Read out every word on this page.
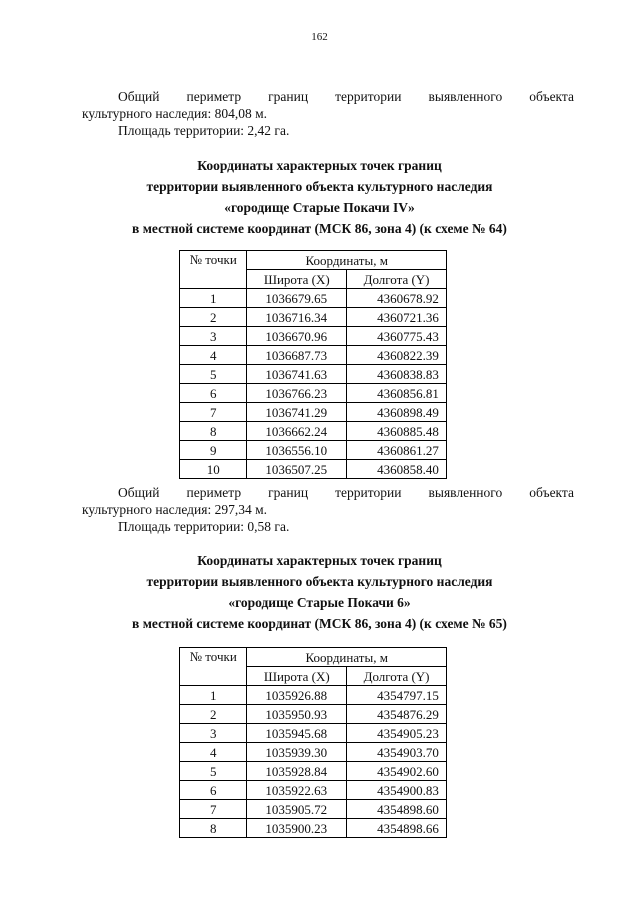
162
Общий периметр границ территории выявленного объекта
культурного наследия: 804,08 м.
Площадь территории: 2,42 га.
Координаты характерных точек границ
территории выявленного объекта культурного наследия
«городище Старые Покачи IV»
в местной системе координат (МСК 86, зона 4) (к схеме № 64)
№ точки	Координаты, м	
	Широта (X)	Долгота (Y)
1	1036679.65	4360678.92
2	1036716.34	4360721.36
3	1036670.96	4360775.43
4	1036687.73	4360822.39
5	1036741.63	4360838.83
6	1036766.23	4360856.81
7	1036741.29	4360898.49
8	1036662.24	4360885.48
9	1036556.10	4360861.27
10	1036507.25	4360858.40
Общий периметр границ территории выявленного объекта
культурного наследия: 297,34 м.
Площадь территории: 0,58 га.
Координаты характерных точек границ
территории выявленного объекта культурного наследия
«городище Старые Покачи 6»
в местной системе координат (МСК 86, зона 4) (к схеме № 65)
№ точки	Координаты, м	
	Широта (X)	Долгота (Y)
1	1035926.88	4354797.15
2	1035950.93	4354876.29
3	1035945.68	4354905.23
4	1035939.30	4354903.70
5	1035928.84	4354902.60
6	1035922.63	4354900.83
7	1035905.72	4354898.60
8	1035900.23	4354898.66
